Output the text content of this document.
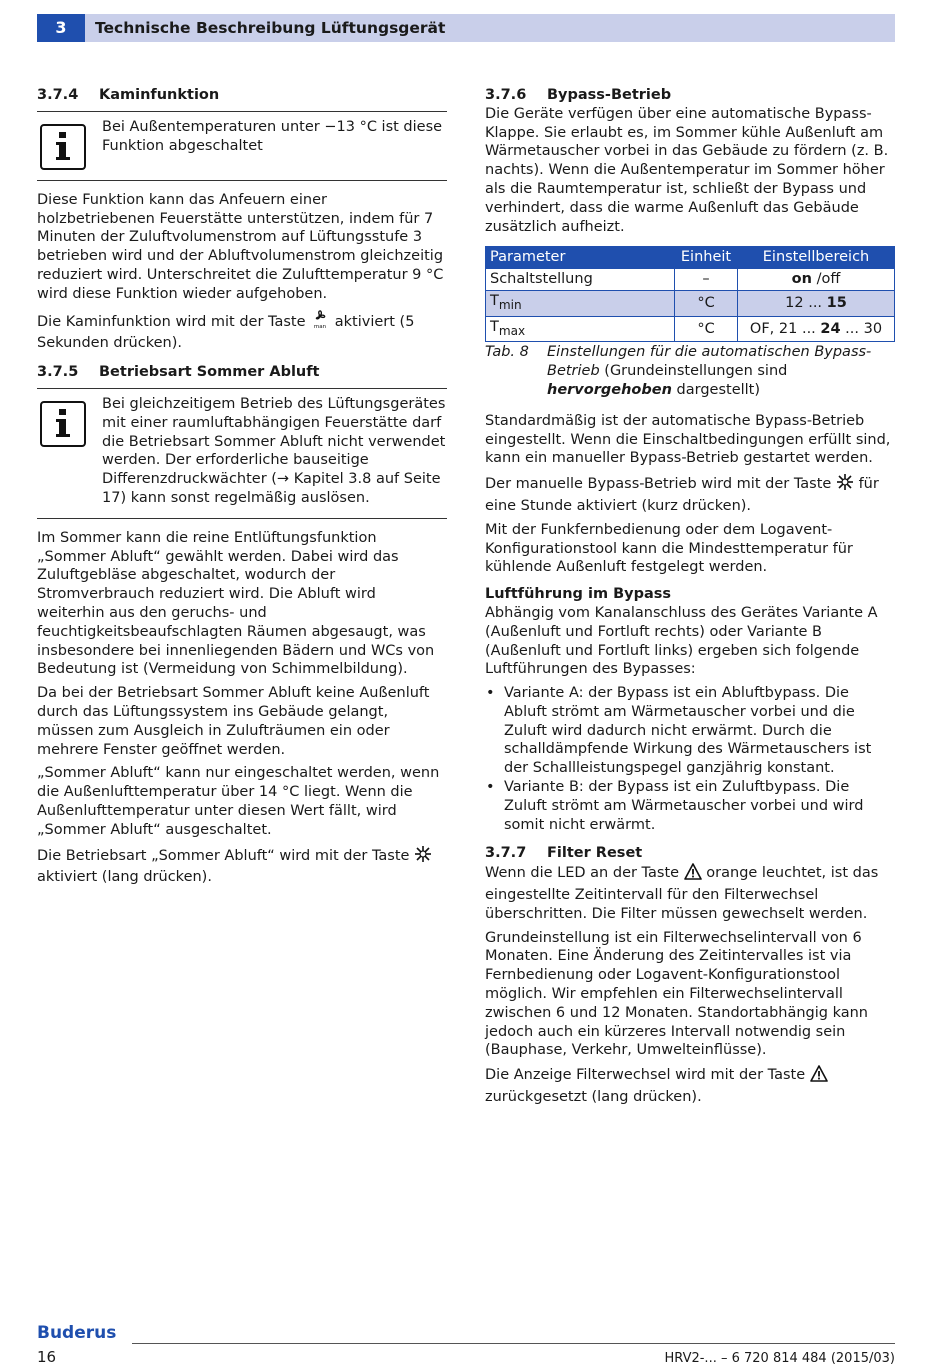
3	Technische Beschreibung Lüftungsgerät
3.7.4	Kaminfunktion
Bei Außentemperaturen unter −13 °C ist diese Funktion abgeschaltet

Diese Funktion kann das Anfeuern einer holzbetriebenen Feuerstätte unterstützen, indem für 7 Minuten der Zuluftvolumenstrom auf Lüftungsstufe 3 betrieben wird und der Abluftvolumenstrom gleichzeitig reduziert wird. Unterschreitet die Zulufttemperatur 9 °C wird diese Funktion wieder aufgehoben.

Die Kaminfunktion wird mit der Taste man aktiviert (5 Sekunden drücken).

3.7.5	Betriebsart Sommer Abluft
Bei gleichzeitigem Betrieb des Lüftungsgerätes mit einer raumluftabhängigen Feuerstätte darf die Betriebsart Sommer Abluft nicht verwendet werden. Der erforderliche bauseitige Differenzdruckwächter (→ Kapitel 3.8 auf Seite 17) kann sonst regelmäßig auslösen.

Im Sommer kann die reine Entlüftungsfunktion „Sommer Abluft“ gewählt werden. Dabei wird das Zuluftgebläse abgeschaltet, wodurch der Stromverbrauch reduziert wird. Die Abluft wird weiterhin aus den geruchs- und feuchtigkeitsbeaufschlagten Räumen abgesaugt, was insbesondere bei innenliegenden Bädern und WCs von Bedeutung ist (Vermeidung von Schimmelbildung).

Da bei der Betriebsart Sommer Abluft keine Außenluft durch das Lüftungssystem ins Gebäude gelangt, müssen zum Ausgleich in Zulufträumen ein oder mehrere Fenster geöffnet werden.

„Sommer Abluft“ kann nur eingeschaltet werden, wenn die Außenlufttemperatur über 14 °C liegt. Wenn die Außenlufttemperatur unter diesen Wert fällt, wird „Sommer Abluft“ ausgeschaltet.

Die Betriebsart „Sommer Abluft“ wird mit der Taste  aktiviert (lang drücken).

3.7.6	Bypass-Betrieb

Die Geräte verfügen über eine automatische Bypass-Klappe. Sie erlaubt es, im Sommer kühle Außenluft am Wärmetauscher vorbei in das Gebäude zu fördern (z. B. nachts). Wenn die Außentemperatur im Sommer höher als die Raumtemperatur ist, schließt der Bypass und verhindert, dass die warme Außenluft das Gebäude zusätzlich aufheizt.

Parameter	Einheit	Einstellbereich
Schaltstellung	–	on /off
$T_{min}$	°C	12 ... 15
$T_{max}$	°C	OF, 21 ... 24 ... 30
Tab. 8	Einstellungen für die automatischen Bypass-Betrieb (Grundeinstellungen sind hervorgehoben dargestellt)

Standardmäßig ist der automatische Bypass-Betrieb eingestellt. Wenn die Einschaltbedingungen erfüllt sind, kann ein manueller Bypass-Betrieb gestartet werden.

Der manuelle Bypass-Betrieb wird mit der Taste für eine Stunde aktiviert (kurz drücken).

Mit der Funkfernbedienung oder dem Logavent-Konfigurationstool kann die Mindesttemperatur für kühlende Außenluft festgelegt werden.

Luftführung im Bypass

Abhängig vom Kanalanschluss des Gerätes Variante A (Außenluft und Fortluft rechts) oder Variante B (Außenluft und Fortluft links) ergeben sich folgende Luftführungen des Bypasses:

• Variante A: der Bypass ist ein Abluftbypass. Die Abluft strömt am Wärmetauscher vorbei und die Zuluft wird dadurch nicht erwärmt. Durch die schalldämpfende Wirkung des Wärmetauschers ist der Schallleistungspegel ganzjährig konstant.
• Variante B: der Bypass ist ein Zuluftbypass. Die Zuluft strömt am Wärmetauscher vorbei und wird somit nicht erwärmt.
3.7.7	Filter Reset

Wenn die LED an der Taste orange leuchtet, ist das eingestellte Zeitintervall für den Filterwechsel überschritten. Die Filter müssen gewechselt werden.

Grundeinstellung ist ein Filterwechselintervall von 6 Monaten. Eine Änderung des Zeitintervalles ist via Fernbedienung oder Logavent-Konfigurationstool möglich. Wir empfehlen ein Filterwechselintervall zwischen 6 und 12 Monaten. Standortabhängig kann jedoch auch ein kürzeres Intervall notwendig sein (Bauphase, Verkehr, Umwelteinflüsse).

Die Anzeige Filterwechsel wird mit der Taste  zurückgesetzt (lang drücken).

Buderus
16	HRV2-... – 6 720 814 484 (2015/03)
